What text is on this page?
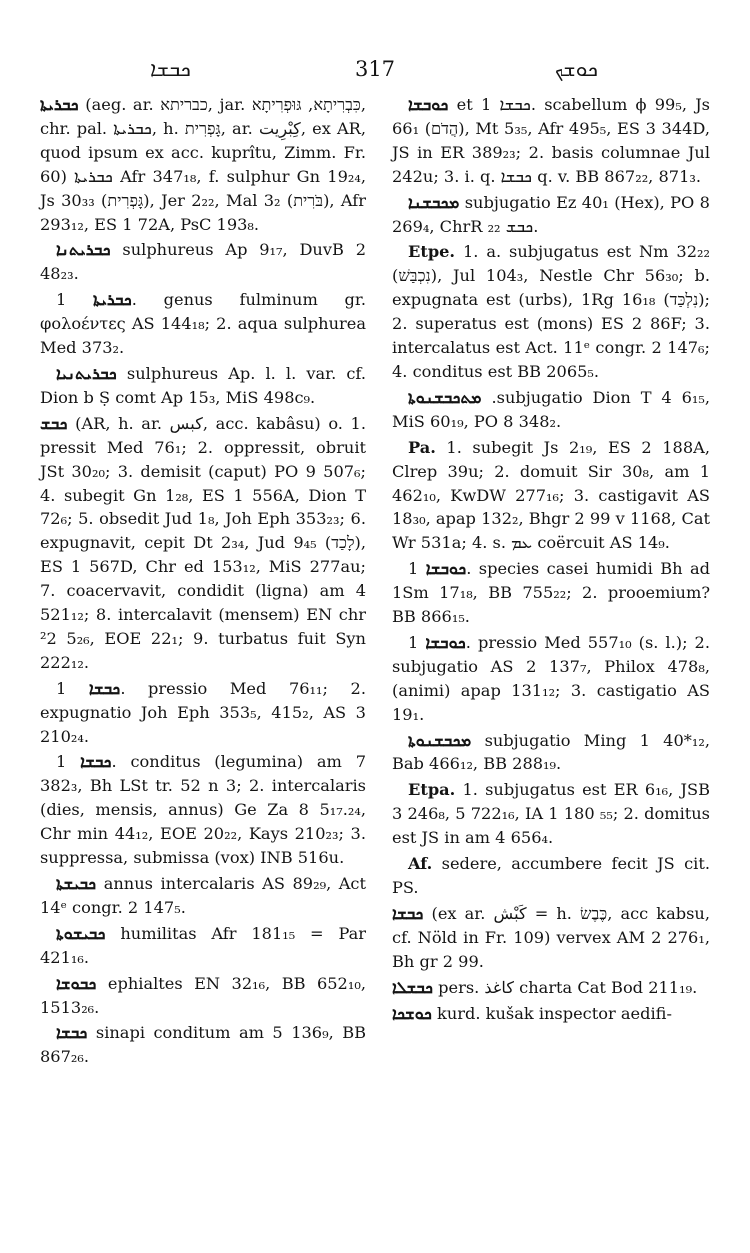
ܟܒܫܐ	317	ܟܘܫܟ

ܟܒܪܝܬܐ (aeg. ar. כבריתא, jar. כִּבְרִיתָא, גּוּפְרִיתָא, chr. pal. ܟܒܪܝܬܐ, h. גָּפְרִית, ar. كِبْرِيت, ex AR, quod ipsum ex acc. kuprîtu, Zimm. Fr. 60) ܟܒܪܝܬܐ Afr 347₁₈, f. sulphur Gn 19₂₄, Js 30₃₃ (גָּפְרִית), Jer 2₂₂, Mal 3₂ (בֹּרִית), Afr 293₁₂, ES 1 72A, PsC 193₈.

ܟܒܪܝܬܢܐ sulphureus Ap 9₁₇, DuvB 2 48₂₃.

ܟܒܪܝܬܐ 1. genus fulminum gr. φολοέντες AS 144₁₈; 2. aqua sulphurea Med 373₂.

ܟܒܪܝܬܢܝܐ sulphureus Ap. l. l. var. cf. Dion b Ṣ comt Ap 15₃, MiS 498c₉.

ܟܒܫ (AR, h. ar. كبس, acc. kabâsu) o. 1. pressit Med 76₁; 2. oppressit, obruit JSt 30₂₀; 3. demisit (caput) PO 9 507₆; 4. subegit Gn 1₂₈, ES 1 556A, Dion T 72₆; 5. obsedit Jud 1₈, Joh Eph 353₂₃; 6. expugnavit, cepit Dt 2₃₄, Jud 9₄₅ (לָכַד), ES 1 567D, Chr ed 153₁₂, MiS 277au; 7. coacervavit, condidit (ligna) am 4 521₁₂; 8. intercalavit (mensem) EN chr ²2 5₂₆, EOE 22₁; 9. turbatus fuit Syn 222₁₂.

ܟܒܫܐ 1. pressio Med 76₁₁; 2. expugnatio Joh Eph 353₅, 415₂, AS 3 210₂₄.

ܟܒܫܐ 1. conditus (legumina) am 7 382₃, Bh LSt tr. 52 n 3; 2. intercalaris (dies, mensis, annus) Ge Za 8 5₁₇.₂₄, Chr min 44₁₂, EOE 20₂₂, Kays 210₂₃; 3. suppressa, submissa (vox) INB 516u.

ܟܒܝܫܬܐ annus intercalaris AS 89₂₉, Act 14ᵉ congr. 2 147₅.

ܟܒܝܫܘܬܐ humilitas Afr 181₁₅ = Par 421₁₆.

ܟܒܘܫܐ ephialtes EN 32₁₆, BB 652₁₀, 1513₂₆.

ܟܒܫܐ sinapi conditum am 5 136₉, BB 867₂₆.

ܟܘܒܫܐ et ܟܒܫܐ 1. scabellum ϕ 99₅, Js 66₁ (הֲדֹם), Mt 5₃₅, Afr 495₅, ES 3 344D, JS in ER 389₂₃; 2. basis columnae Jul 242u; 3. i. q. ܟܒܫܐ q. v. BB 867₂₂, 871₃.

ܡܟܒܫܢܐ subjugatio Ez 40₁ (Hex), PO 8 269₄, ChrR ܟܒܫ ₂₂.

Etpe. 1. a. subjugatus est Nm 32₂₂ (נִכְבַּשׁ), Jul 104₃, Nestle Chr 56₃₀; b. expugnata est (urbs), 1Rg 16₁₈ (נִלְכַּד); 2. superatus est (mons) ES 2 86F; 3. intercalatus est Act. 11ᵉ congr. 2 147₆; 4. conditus est BB 2065₅.

ܡܬܟܒܫܢܘܬܐ .subjugatio Dion T 4 6₁₅, MiS 60₁₉, PO 8 348₂.

Pa. 1. subegit Js 2₁₉, ES 2 188A, Clrep 39u; 2. domuit Sir 30₈, am 1 462₁₀, KwDW 277₁₆; 3. castigavit AS 18₃₀, apap 132₂, Bhgr 2 99 v 1168, Cat Wr 531a; 4. s. ܥܡ coërcuit AS 14₉.

ܟܘܒܫܐ 1. species casei humidi Bh ad 1Sm 17₁₈, BB 755₂₂; 2. prooemium? BB 866₁₅.

ܟܘܒܫܐ 1. pressio Med 557₁₀ (s. l.); 2. subjugatio AS 2 137₇, Philox 478₈, (animi) apap 131₁₂; 3. castigatio AS 19₁.

ܡܟܒܫܢܘܬܐ subjugatio Ming 1 40*₁₂, Bab 466₁₂, BB 288₁₉.

Etpa. 1. subjugatus est ER 6₁₆, JSB 3 246₈, 5 722₁₆, IA 1 180 ₅₅; 2. domitus est JS in am 4 656₄.

Af. sedere, accumbere fecit JS cit. PS.

ܟܒܫܐ (ex ar. كَبْش = h. כֶּבֶשׂ, acc kabsu, cf. Nöld in Fr. 109) vervex AM 2 276₁, Bh gr 2 99.

ܟܒܫܠܐ pers. كاغذ charta Cat Bod 211₁₉.

ܟܘܫܟܐ kurd. kušak inspector aedifi-
